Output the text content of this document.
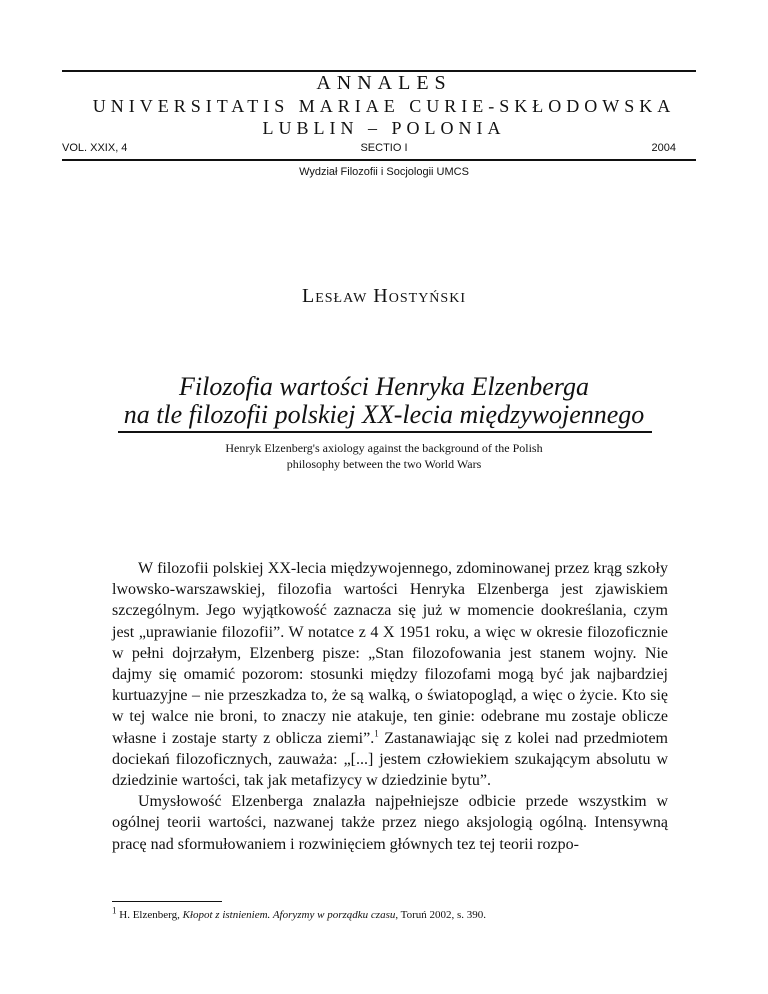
ANNALES
UNIVERSITATIS MARIAE CURIE-SKŁODOWSKA
LUBLIN – POLONIA
VOL. XXIX, 4	SECTIO I	2004
Wydział Filozofii i Socjologii UMCS
Lesław Hostyński
Filozofia wartości Henryka Elzenberga
na tle filozofii polskiej XX-lecia międzywojennego
Henryk Elzenberg's axiology against the background of the Polish philosophy between the two World Wars

W filozofii polskiej XX-lecia międzywojennego, zdominowanej przez krąg szkoły lwowsko-warszawskiej, filozofia wartości Henryka Elzenberga jest zjawiskiem szczególnym. Jego wyjątkowość zaznacza się już w momencie dookreślania, czym jest „uprawianie filozofii”. W notatce z 4 X 1951 roku, a więc w okresie filozoficznie w pełni dojrzałym, Elzenberg pisze: „Stan filozofowania jest stanem wojny. Nie dajmy się omamić pozorom: stosunki między filozofami mogą być jak najbardziej kurtuazyjne – nie przeszkadza to, że są walką, o światopogląd, a więc o życie. Kto się w tej walce nie broni, to znaczy nie atakuje, ten ginie: odebrane mu zostaje oblicze własne i zostaje starty z oblicza ziemi”.$^1$ Zastanawiając się z kolei nad przedmiotem dociekań filozoficznych, zauważa: „[...] jestem człowiekiem szukającym absolutu w dziedzinie wartości, tak jak metafizycy w dziedzinie bytu”.

Umysłowość Elzenberga znalazła najpełniejsze odbicie przede wszystkim w ogólnej teorii wartości, nazwanej także przez niego aksjologią ogólną. Intensywną pracę nad sformułowaniem i rozwinięciem głównych tez tej teorii rozpo-

$^1$ H. Elzenberg, Kłopot z istnieniem. Aforyzmy w porządku czasu, Toruń 2002, s. 390.
